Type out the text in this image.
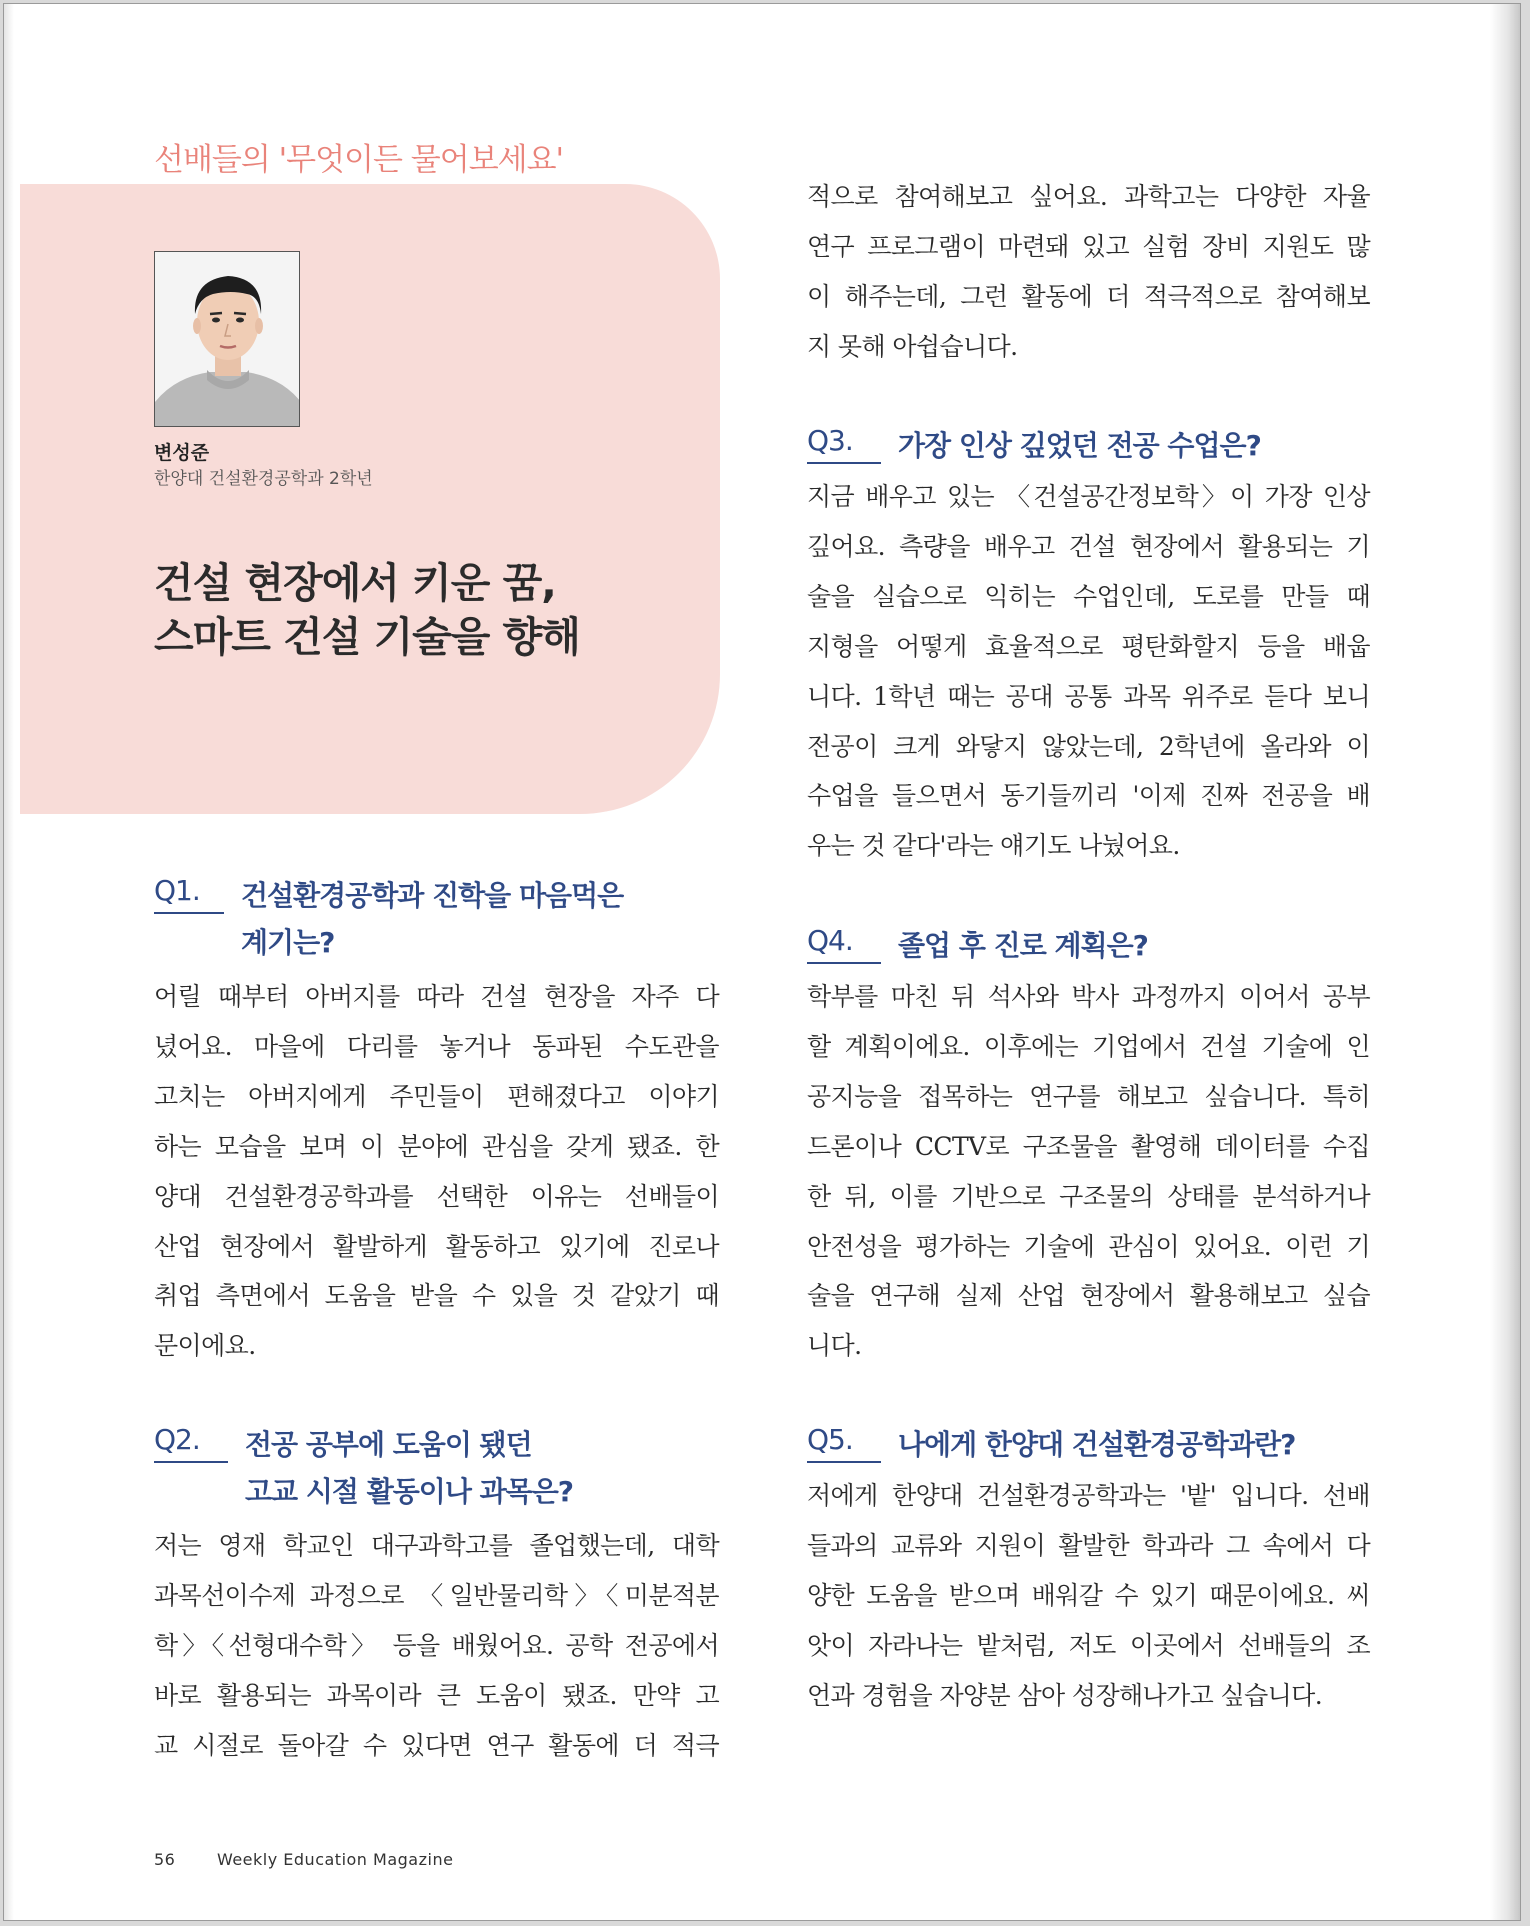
선배들의 '무엇이든 물어보세요'
변성준
한양대 건설환경공학과 2학년
건설 현장에서 키운 꿈,
스마트 건설 기술을 향해
Q1. 건설환경공학과 진학을 마음먹은
계기는?
어릴 때부터 아버지를 따라 건설 현장을 자주 다
녔어요. 마을에 다리를 놓거나 동파된 수도관을
고치는 아버지에게 주민들이 편해졌다고 이야기
하는 모습을 보며 이 분야에 관심을 갖게 됐죠. 한
양대 건설환경공학과를 선택한 이유는 선배들이
산업 현장에서 활발하게 활동하고 있기에 진로나
취업 측면에서 도움을 받을 수 있을 것 같았기 때
문이에요.
Q2. 전공 공부에 도움이 됐던
고교 시절 활동이나 과목은?
저는 영재 학교인 대구과학고를 졸업했는데, 대학
과목선이수제 과정으로 〈일반물리학〉〈미분적분
학〉〈선형대수학〉 등을 배웠어요. 공학 전공에서
바로 활용되는 과목이라 큰 도움이 됐죠. 만약 고
교 시절로 돌아갈 수 있다면 연구 활동에 더 적극
적으로 참여해보고 싶어요. 과학고는 다양한 자율
연구 프로그램이 마련돼 있고 실험 장비 지원도 많
이 해주는데, 그런 활동에 더 적극적으로 참여해보
지 못해 아쉽습니다.
Q3. 가장 인상 깊었던 전공 수업은?
지금 배우고 있는 〈건설공간정보학〉이 가장 인상
깊어요. 측량을 배우고 건설 현장에서 활용되는 기
술을 실습으로 익히는 수업인데, 도로를 만들 때
지형을 어떻게 효율적으로 평탄화할지 등을 배웁
니다. 1학년 때는 공대 공통 과목 위주로 듣다 보니
전공이 크게 와닿지 않았는데, 2학년에 올라와 이
수업을 들으면서 동기들끼리 '이제 진짜 전공을 배
우는 것 같다'라는 얘기도 나눴어요.
Q4. 졸업 후 진로 계획은?
학부를 마친 뒤 석사와 박사 과정까지 이어서 공부
할 계획이에요. 이후에는 기업에서 건설 기술에 인
공지능을 접목하는 연구를 해보고 싶습니다. 특히
드론이나 CCTV로 구조물을 촬영해 데이터를 수집
한 뒤, 이를 기반으로 구조물의 상태를 분석하거나
안전성을 평가하는 기술에 관심이 있어요. 이런 기
술을 연구해 실제 산업 현장에서 활용해보고 싶습
니다.
Q5. 나에게 한양대 건설환경공학과란?
저에게 한양대 건설환경공학과는 '밭' 입니다. 선배
들과의 교류와 지원이 활발한 학과라 그 속에서 다
양한 도움을 받으며 배워갈 수 있기 때문이에요. 씨
앗이 자라나는 밭처럼, 저도 이곳에서 선배들의 조
언과 경험을 자양분 삼아 성장해나가고 싶습니다.
56	Weekly Education Magazine
